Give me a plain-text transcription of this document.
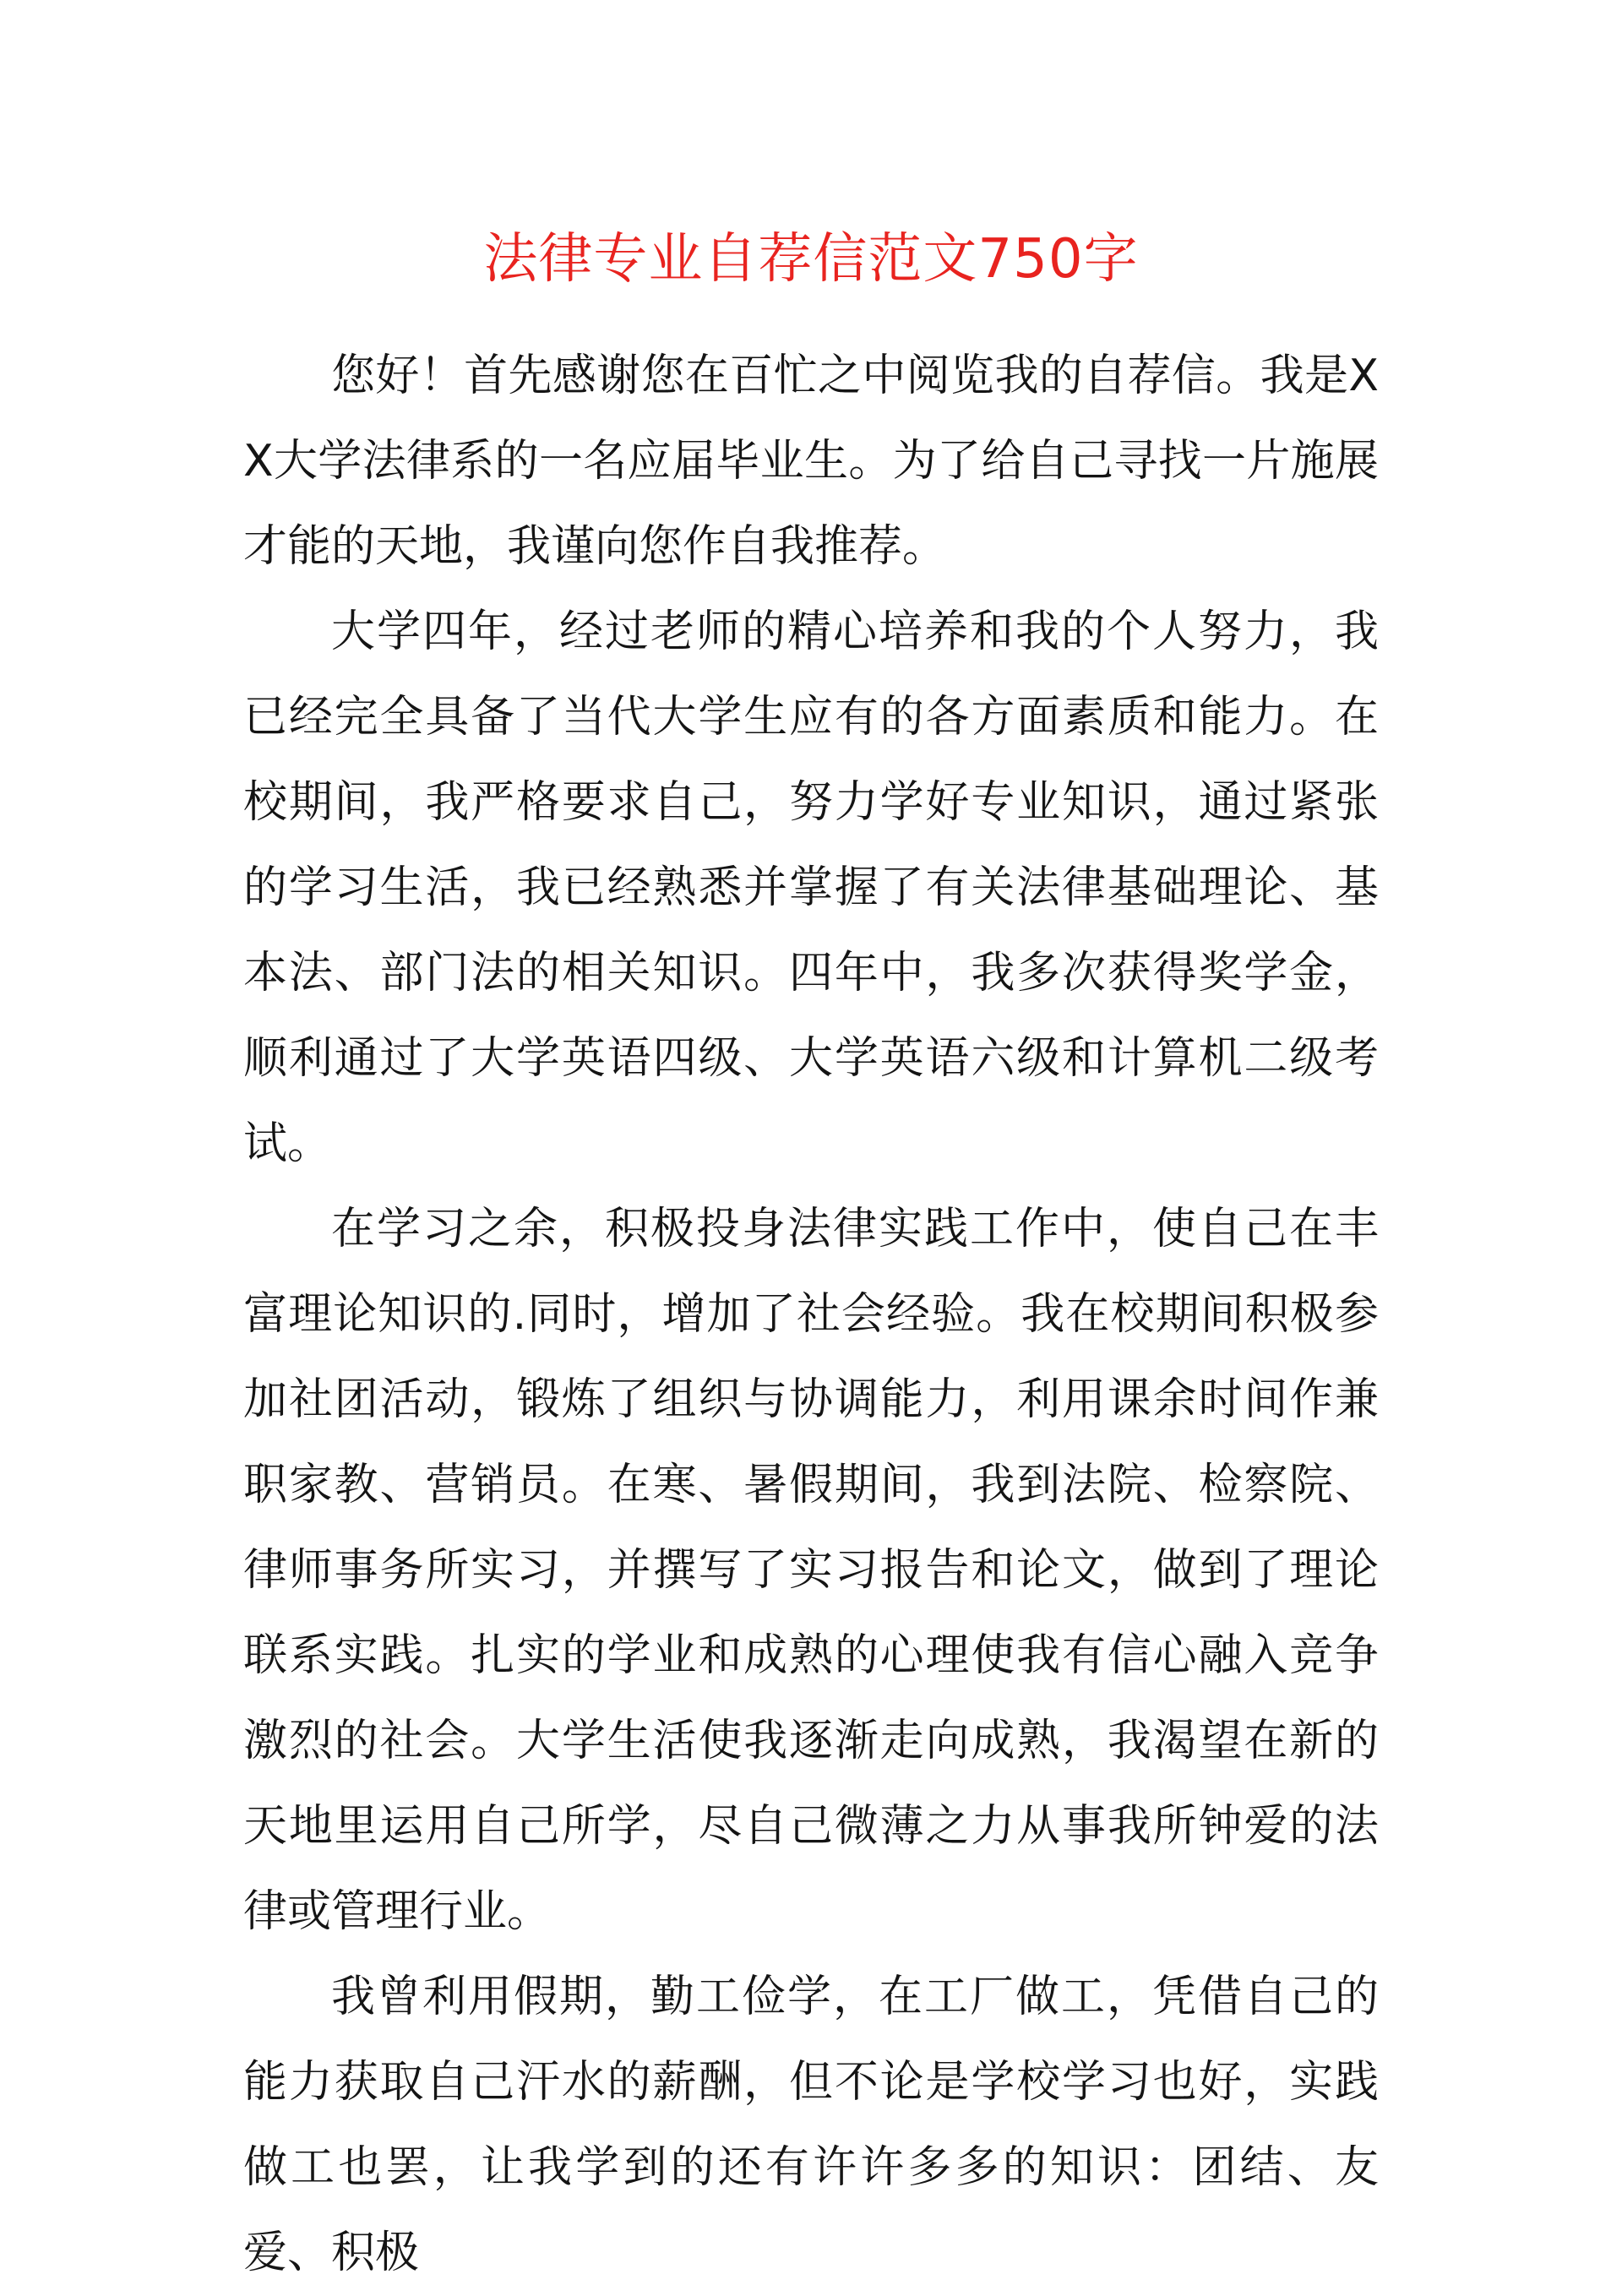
法律专业自荐信范文750字

您好！首先感谢您在百忙之中阅览我的自荐信。我是XX大学法律系的一名应届毕业生。为了给自己寻找一片施展才能的天地，我谨向您作自我推荐。

大学四年，经过老师的精心培养和我的个人努力，我已经完全具备了当代大学生应有的各方面素质和能力。在校期间，我严格要求自己，努力学好专业知识，通过紧张的学习生活，我已经熟悉并掌握了有关法律基础理论、基本法、部门法的相关知识。四年中，我多次获得奖学金，顺利通过了大学英语四级、大学英语六级和计算机二级考试。

在学习之余，积极投身法律实践工作中，使自己在丰富理论知识的.同时，增加了社会经验。我在校期间积极参加社团活动，锻炼了组织与协调能力，利用课余时间作兼职家教、营销员。在寒、暑假期间，我到法院、检察院、律师事务所实习，并撰写了实习报告和论文，做到了理论联系实践。扎实的学业和成熟的心理使我有信心融入竞争激烈的社会。大学生活使我逐渐走向成熟，我渴望在新的天地里运用自己所学，尽自己微薄之力从事我所钟爱的法律或管理行业。

我曾利用假期，勤工俭学，在工厂做工，凭借自己的能力获取自己汗水的薪酬，但不论是学校学习也好，实践做工也罢，让我学到的还有许许多多的知识：团结、友爱、积极
